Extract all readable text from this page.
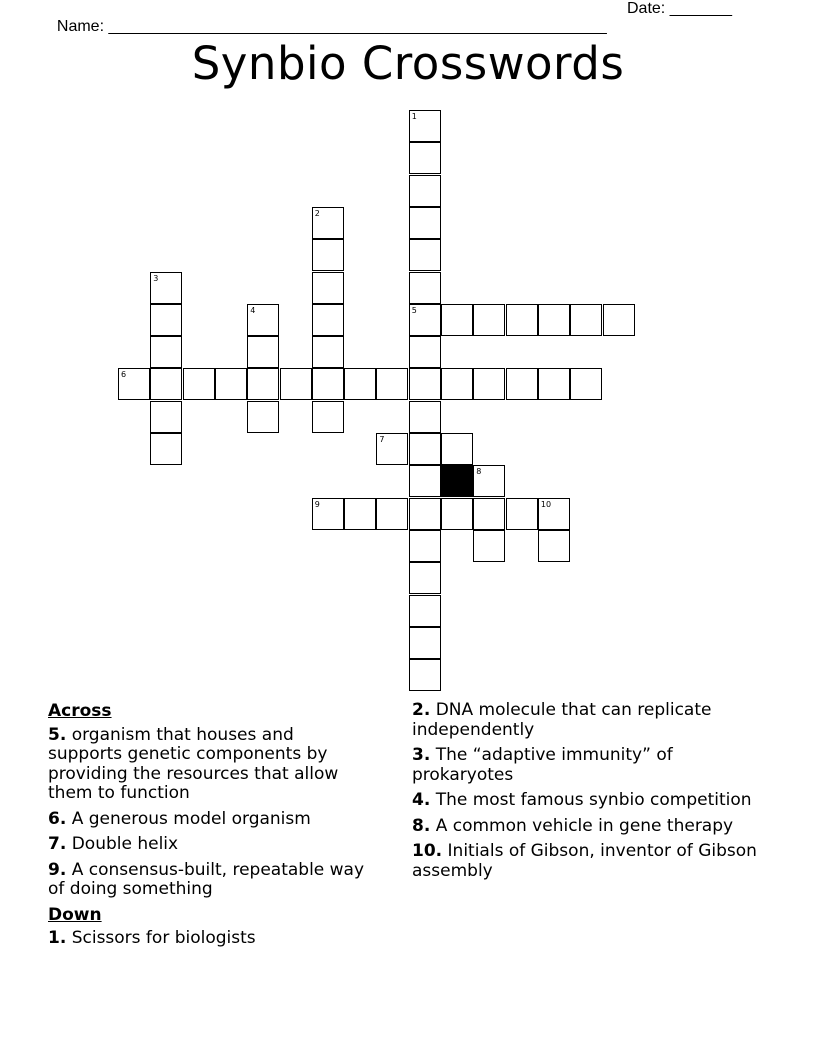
Name: ________________________________________________________

Date: _______

Synbio Crosswords
5
6
7
9	10
1
2
3
4
8
Across
5. organism that houses and supports genetic components by providing the resources that allow them to function
6. A generous model organism
7. Double helix
9. A consensus-built, repeatable way of doing something
Down
1. Scissors for biologists
2. DNA molecule that can replicate independently
3. The “adaptive immunity” of prokaryotes
4. The most famous synbio competition
8. A common vehicle in gene therapy
10. Initials of Gibson, inventor of Gibson assembly
